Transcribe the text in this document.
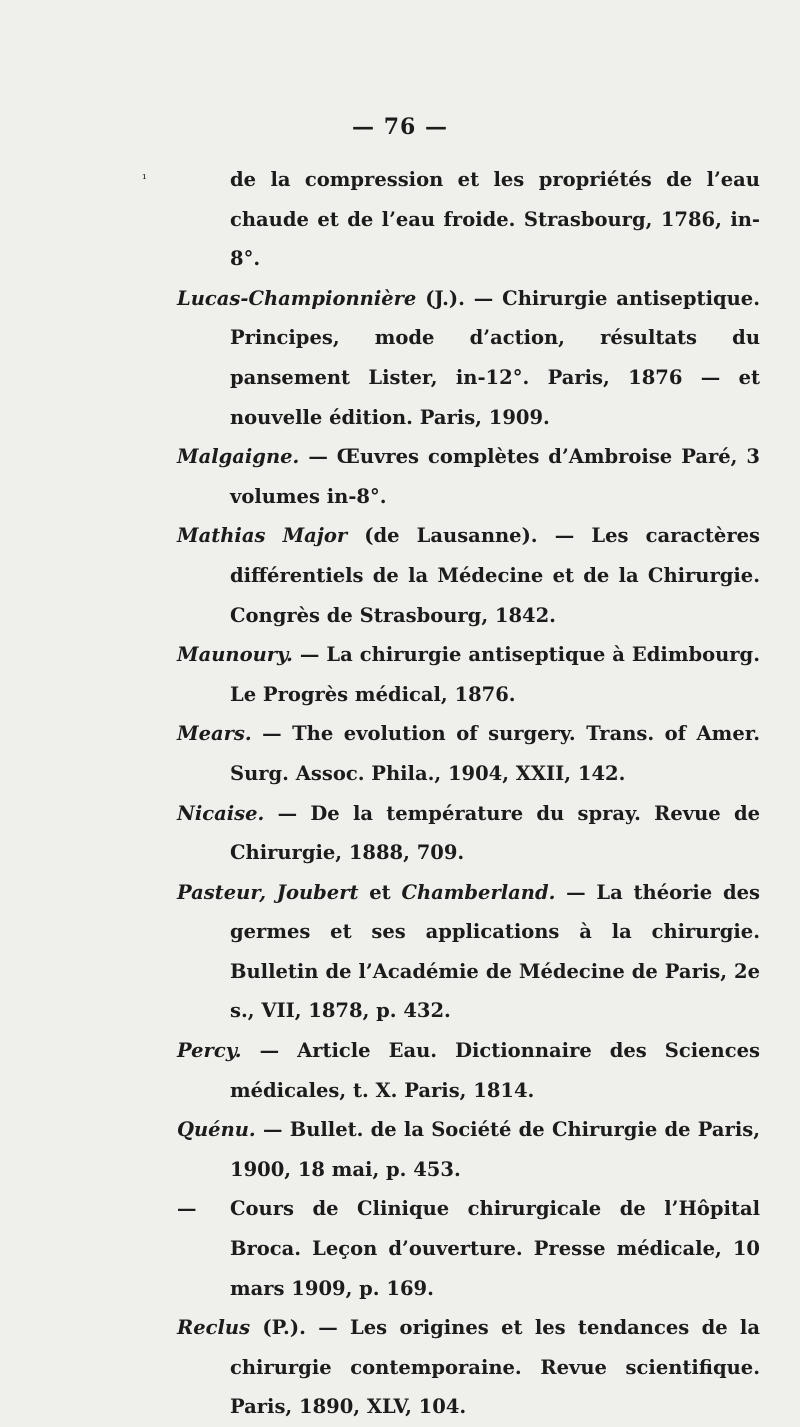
— 76 —
¹	de la compression et les propriétés de l’eau chaude et de l’eau froide. Strasbourg, 1786, in-8°.

Lucas-Championnière (J.). — Chirurgie antiseptique. Principes, mode d’action, résultats du pansement Lister, in-12°. Paris, 1876 — et nouvelle édition. Paris, 1909.

Malgaigne. — Œuvres complètes d’Ambroise Paré, 3 volumes in-8°.

Mathias Major (de Lausanne). — Les caractères différentiels de la Médecine et de la Chirurgie. Congrès de Strasbourg, 1842.

Maunoury. — La chirurgie antiseptique à Edimbourg. Le Progrès médical, 1876.

Mears. — The evolution of surgery. Trans. of Amer. Surg. Assoc. Phila., 1904, XXII, 142.

Nicaise. — De la température du spray. Revue de Chirurgie, 1888, 709.

Pasteur, Joubert et Chamberland. — La théorie des germes et ses applications à la chirurgie. Bulletin de l’Académie de Médecine de Paris, 2e s., VII, 1878, p. 432.

Percy. — Article Eau. Dictionnaire des Sciences médicales, t. X. Paris, 1814.

Quénu. — Bullet. de la Société de Chirurgie de Paris, 1900, 18 mai, p. 453.

— Cours de Clinique chirurgicale de l’Hôpital Broca. Leçon d’ouverture. Presse médicale, 10 mars 1909, p. 169.

Reclus (P.). — Les origines et les tendances de la chirurgie contemporaine. Revue scientifique. Paris, 1890, XLV, 104.
